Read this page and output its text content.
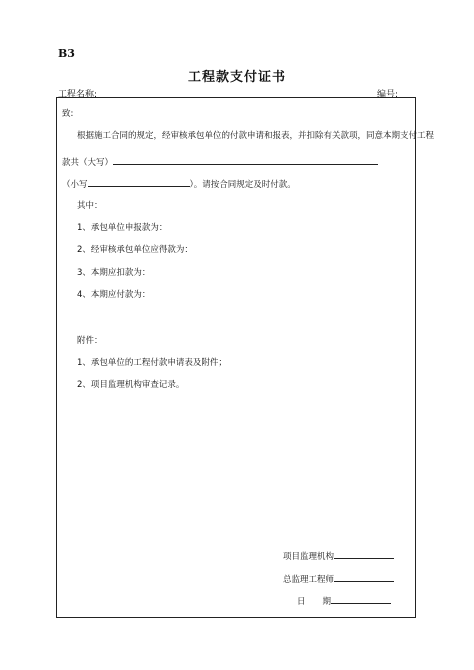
B3
工程款支付证书
工程名称:	编号:
致:
根据施工合同的规定，经审核承包单位的付款申请和报表，并扣除有关款项，同意本期支付工程
款共（大写）
（小写	）。请按合同规定及时付款。
其中：
1、承包单位申报款为：
2、经审核承包单位应得款为：
3、本期应扣款为：
4、本期应付款为：
附件：
1、承包单位的工程付款申请表及附件；
2、项目监理机构审查记录。
项目监理机构
总监理工程师
日　　期
